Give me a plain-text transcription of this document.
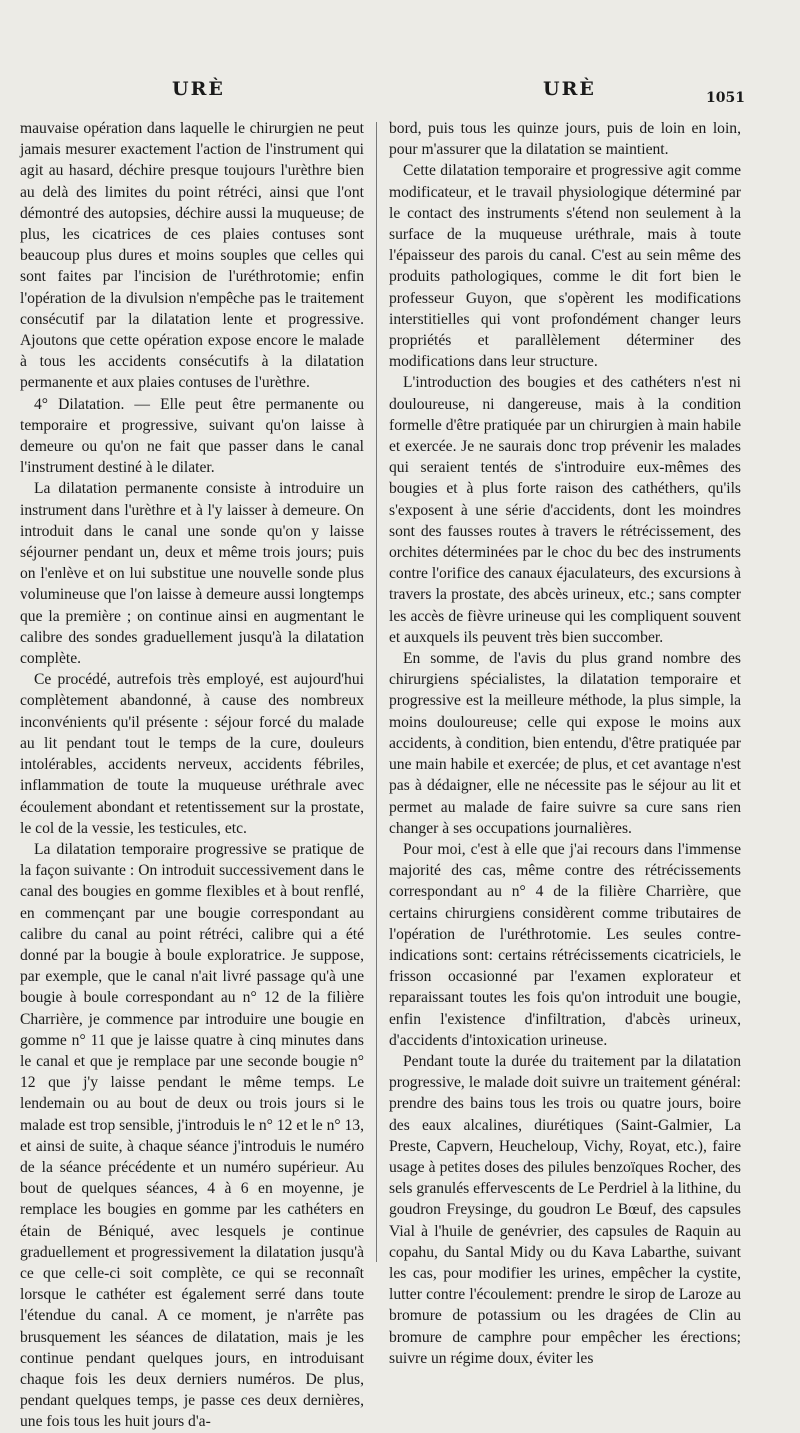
URÈ	URÈ	1051

mauvaise opération dans laquelle le chirurgien ne peut jamais mesurer exactement l'action de l'instrument qui agit au hasard, déchire presque toujours l'urèthre bien au delà des limites du point rétréci, ainsi que l'ont démontré des autopsies, déchire aussi la muqueuse; de plus, les cicatrices de ces plaies contuses sont beaucoup plus dures et moins souples que celles qui sont faites par l'incision de l'uréthrotomie; enfin l'opération de la divulsion n'empêche pas le traitement consécutif par la dilatation lente et progressive. Ajoutons que cette opération expose encore le malade à tous les accidents consécutifs à la dilatation permanente et aux plaies contuses de l'urèthre.

4° Dilatation. — Elle peut être permanente ou temporaire et progressive, suivant qu'on laisse à demeure ou qu'on ne fait que passer dans le canal l'instrument destiné à le dilater.

La dilatation permanente consiste à introduire un instrument dans l'urèthre et à l'y laisser à demeure. On introduit dans le canal une sonde qu'on y laisse séjourner pendant un, deux et même trois jours; puis on l'enlève et on lui substitue une nouvelle sonde plus volumineuse que l'on laisse à demeure aussi longtemps que la première ; on continue ainsi en augmentant le calibre des sondes graduellement jusqu'à la dilatation complète.

Ce procédé, autrefois très employé, est aujourd'hui complètement abandonné, à cause des nombreux inconvénients qu'il présente : séjour forcé du malade au lit pendant tout le temps de la cure, douleurs intolérables, accidents nerveux, accidents fébriles, inflammation de toute la muqueuse uréthrale avec écoulement abondant et retentissement sur la prostate, le col de la vessie, les testicules, etc.

La dilatation temporaire progressive se pratique de la façon suivante : On introduit successivement dans le canal des bougies en gomme flexibles et à bout renflé, en commençant par une bougie correspondant au calibre du canal au point rétréci, calibre qui a été donné par la bougie à boule exploratrice. Je suppose, par exemple, que le canal n'ait livré passage qu'à une bougie à boule correspondant au n° 12 de la filière Charrière, je commence par introduire une bougie en gomme n° 11 que je laisse quatre à cinq minutes dans le canal et que je remplace par une seconde bougie n° 12 que j'y laisse pendant le même temps. Le lendemain ou au bout de deux ou trois jours si le malade est trop sensible, j'introduis le n° 12 et le n° 13, et ainsi de suite, à chaque séance j'introduis le numéro de la séance précédente et un numéro supérieur. Au bout de quelques séances, 4 à 6 en moyenne, je remplace les bougies en gomme par les cathéters en étain de Béniqué, avec lesquels je continue graduellement et progressivement la dilatation jusqu'à ce que celle-ci soit complète, ce qui se reconnaît lorsque le cathéter est également serré dans toute l'étendue du canal. A ce moment, je n'arrête pas brusquement les séances de dilatation, mais je les continue pendant quelques jours, en introduisant chaque fois les deux derniers numéros. De plus, pendant quelques temps, je passe ces deux dernières, une fois tous les huit jours d'a-

bord, puis tous les quinze jours, puis de loin en loin, pour m'assurer que la dilatation se maintient.

Cette dilatation temporaire et progressive agit comme modificateur, et le travail physiologique déterminé par le contact des instruments s'étend non seulement à la surface de la muqueuse uréthrale, mais à toute l'épaisseur des parois du canal. C'est au sein même des produits pathologiques, comme le dit fort bien le professeur Guyon, que s'opèrent les modifications interstitielles qui vont profondément changer leurs propriétés et parallèlement déterminer des modifications dans leur structure.

L'introduction des bougies et des cathéters n'est ni douloureuse, ni dangereuse, mais à la condition formelle d'être pratiquée par un chirurgien à main habile et exercée. Je ne saurais donc trop prévenir les malades qui seraient tentés de s'introduire eux-mêmes des bougies et à plus forte raison des cathéthers, qu'ils s'exposent à une série d'accidents, dont les moindres sont des fausses routes à travers le rétrécissement, des orchites déterminées par le choc du bec des instruments contre l'orifice des canaux éjaculateurs, des excursions à travers la prostate, des abcès urineux, etc.; sans compter les accès de fièvre urineuse qui les compliquent souvent et auxquels ils peuvent très bien succomber.

En somme, de l'avis du plus grand nombre des chirurgiens spécialistes, la dilatation temporaire et progressive est la meilleure méthode, la plus simple, la moins douloureuse; celle qui expose le moins aux accidents, à condition, bien entendu, d'être pratiquée par une main habile et exercée; de plus, et cet avantage n'est pas à dédaigner, elle ne nécessite pas le séjour au lit et permet au malade de faire suivre sa cure sans rien changer à ses occupations journalières.

Pour moi, c'est à elle que j'ai recours dans l'immense majorité des cas, même contre des rétrécissements correspondant au n° 4 de la filière Charrière, que certains chirurgiens considèrent comme tributaires de l'opération de l'uréthrotomie. Les seules contre-indications sont: certains rétrécissements cicatriciels, le frisson occasionné par l'examen explorateur et reparaissant toutes les fois qu'on introduit une bougie, enfin l'existence d'infiltration, d'abcès urineux, d'accidents d'intoxication urineuse.

Pendant toute la durée du traitement par la dilatation progressive, le malade doit suivre un traitement général: prendre des bains tous les trois ou quatre jours, boire des eaux alcalines, diurétiques (Saint-Galmier, La Preste, Capvern, Heucheloup, Vichy, Royat, etc.), faire usage à petites doses des pilules benzoïques Rocher, des sels granulés effervescents de Le Perdriel à la lithine, du goudron Freysinge, du goudron Le Bœuf, des capsules Vial à l'huile de genévrier, des capsules de Raquin au copahu, du Santal Midy ou du Kava Labarthe, suivant les cas, pour modifier les urines, empêcher la cystite, lutter contre l'écoulement: prendre le sirop de Laroze au bromure de potassium ou les dragées de Clin au bromure de camphre pour empêcher les érections; suivre un régime doux, éviter les
